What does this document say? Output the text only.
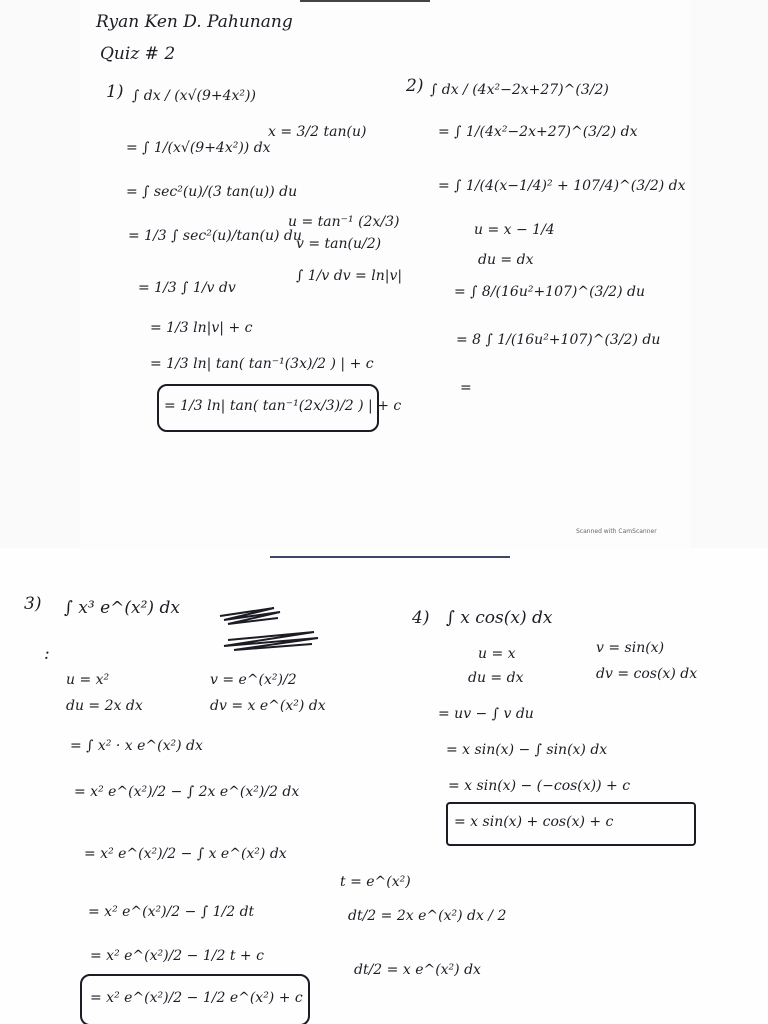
Ryan Ken D. Pahunang
Quiz # 2
1) ∫ dx / (x√(9+4x²))
= ∫ 1/(x√(9+4x²)) dx
= ∫ sec²(u)/(3 tan(u)) du
= 1/3 ∫ sec²(u)/tan(u) du
= 1/3 ∫ 1/v dv
= 1/3 ln|v| + c
= 1/3 ln| tan( tan⁻¹(3x)/2 ) | + c
= 1/3 ln| tan( tan⁻¹(2x/3)/2 ) | + c
x = 3/2 tan(u)
u = tan⁻¹ (2x/3)
v = tan(u/2)
∫ 1/v dv = ln|v|
2) ∫ dx / (4x²−2x+27)^(3/2)
= ∫ 1/(4x²−2x+27)^(3/2) dx
= ∫ 1/(4(x−1/4)² + 107/4)^(3/2) dx
u = x − 1/4
du = dx
= ∫ 8/(16u²+107)^(3/2) du
= 8 ∫ 1/(16u²+107)^(3/2) du
=
Scanned with CamScanner
3) ∫ x³ e^(x²) dx
:
u = x²
du = 2x dx
v = e^(x²)/2
dv = x e^(x²) dx
= ∫ x² · x e^(x²) dx
= x² e^(x²)/2 − ∫ 2x e^(x²)/2 dx
= x² e^(x²)/2 − ∫ x e^(x²) dx
= x² e^(x²)/2 − ∫ 1/2 dt
= x² e^(x²)/2 − 1/2 t + c
= x² e^(x²)/2 − 1/2 e^(x²) + c
t = e^(x²)
dt/2 = 2x e^(x²) dx / 2
dt/2 = x e^(x²) dx
4) ∫ x cos(x) dx
u = x
du = dx
v = sin(x)
dv = cos(x) dx
= uv − ∫ v du
= x sin(x) − ∫ sin(x) dx
= x sin(x) − (−cos(x)) + c
= x sin(x) + cos(x) + c
